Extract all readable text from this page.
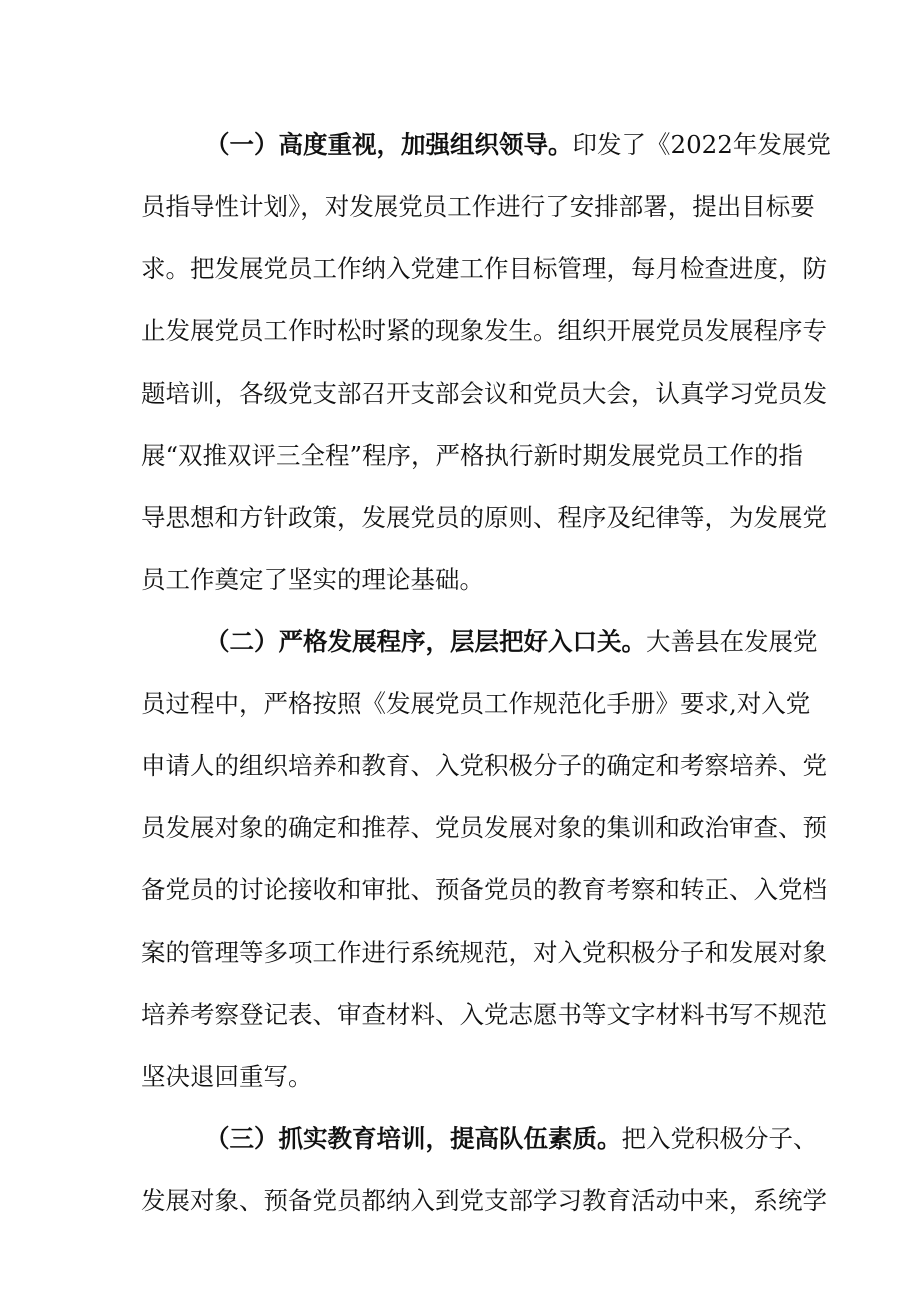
（一）高度重视，加强组织领导。印发了《2022年发展党
员指导性计划》，对发展党员工作进行了安排部署，提出目标要
求。把发展党员工作纳入党建工作目标管理，每月检查进度，防
止发展党员工作时松时紧的现象发生。组织开展党员发展程序专
题培训，各级党支部召开支部会议和党员大会，认真学习党员发
展“双推双评三全程”程序，严格执行新时期发展党员工作的指
导思想和方针政策，发展党员的原则、程序及纪律等，为发展党
员工作奠定了坚实的理论基础。
（二）严格发展程序，层层把好入口关。大善县在发展党
员过程中，严格按照《发展党员工作规范化手册》要求,对入党
申请人的组织培养和教育、入党积极分子的确定和考察培养、党
员发展对象的确定和推荐、党员发展对象的集训和政治审查、预
备党员的讨论接收和审批、预备党员的教育考察和转正、入党档
案的管理等多项工作进行系统规范，对入党积极分子和发展对象
培养考察登记表、审查材料、入党志愿书等文字材料书写不规范
坚决退回重写。
（三）抓实教育培训，提高队伍素质。把入党积极分子、
发展对象、预备党员都纳入到党支部学习教育活动中来，系统学
